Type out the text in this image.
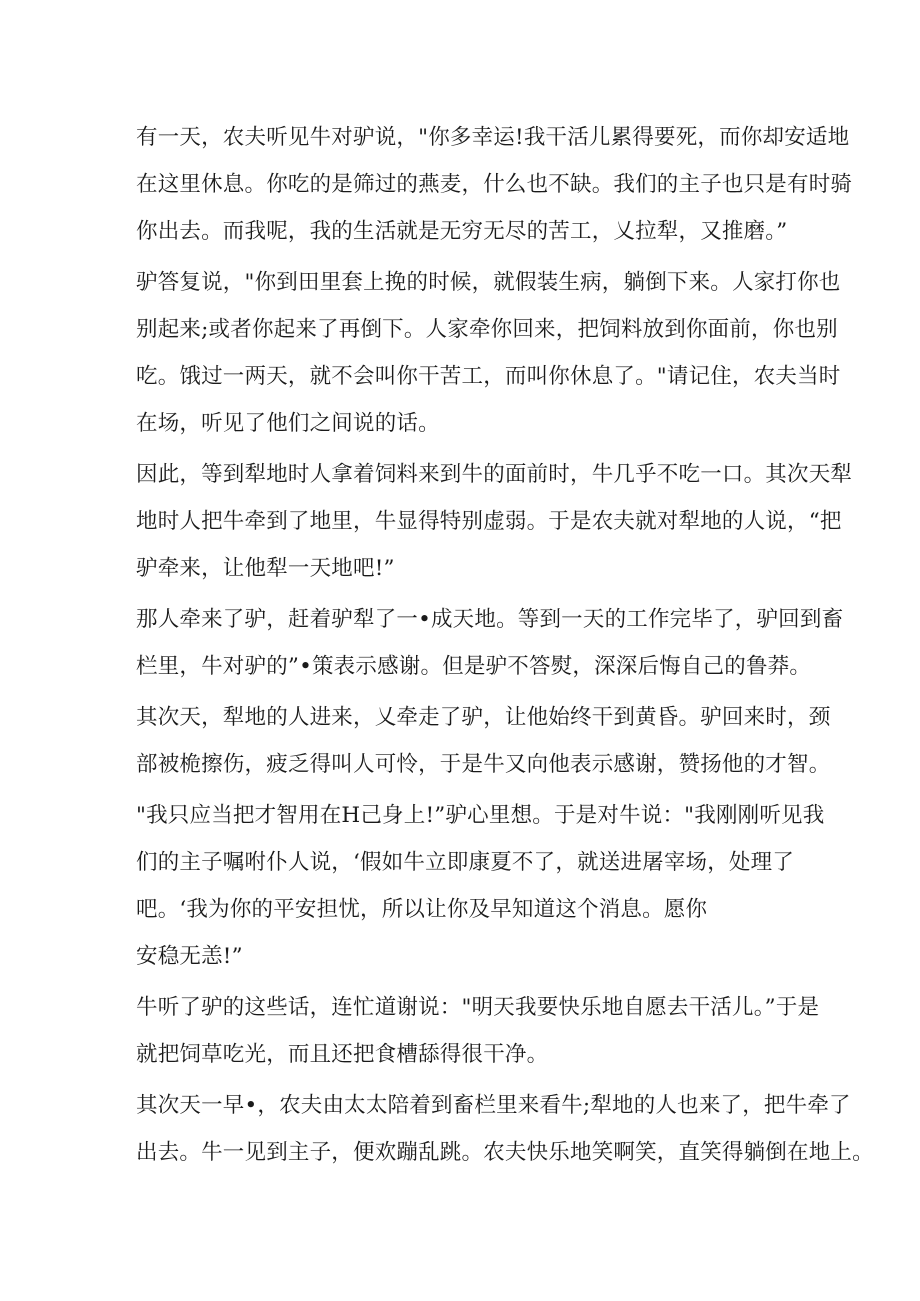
有一天，农夫听见牛对驴说，"你多幸运!我干活儿累得要死，而你却安适地
在这里休息。你吃的是筛过的燕麦，什么也不缺。我们的主子也只是有时骑
你出去。而我呢，我的生活就是无穷无尽的苦工，乂拉犁，又推磨。”
驴答复说，"你到田里套上挽的时候，就假装生病，躺倒下来。人家打你也
别起来;或者你起来了再倒下。人家牵你回来，把饲料放到你面前，你也别
吃。饿过一两天，就不会叫你干苦工，而叫你休息了。"请记住，农夫当时
在场，听见了他们之间说的话。
因此，等到犁地时人拿着饲料来到牛的面前时，牛几乎不吃一口。其次天犁
地时人把牛牵到了地里，牛显得特别虚弱。于是农夫就对犁地的人说，“把
驴牵来，让他犁一天地吧!”
那人牵来了驴，赶着驴犁了一•成天地。等到一天的工作完毕了，驴回到畜
栏里，牛对驴的”•策表示感谢。但是驴不答熨，深深后悔自己的鲁莽。
其次天，犁地的人进来，乂牵走了驴，让他始终干到黄昏。驴回来时，颈
部被桅擦伤，疲乏得叫人可怜，于是牛又向他表示感谢，赞扬他的才智。
"我只应当把才智用在H己身上!”驴心里想。于是对牛说："我刚刚听见我
们的主子嘱咐仆人说，‘假如牛立即康夏不了，就送进屠宰场，处理了
吧。‘我为你的平安担忧，所以让你及早知道这个消息。愿你
安稳无恙!”
牛听了驴的这些话，连忙道谢说："明天我要快乐地自愿去干活儿。”于是
就把饲草吃光，而且还把食槽舔得很干净。
其次天一早•，农夫由太太陪着到畜栏里来看牛;犁地的人也来了，把牛牵了
出去。牛一见到主子，便欢蹦乱跳。农夫快乐地笑啊笑，直笑得躺倒在地上。
